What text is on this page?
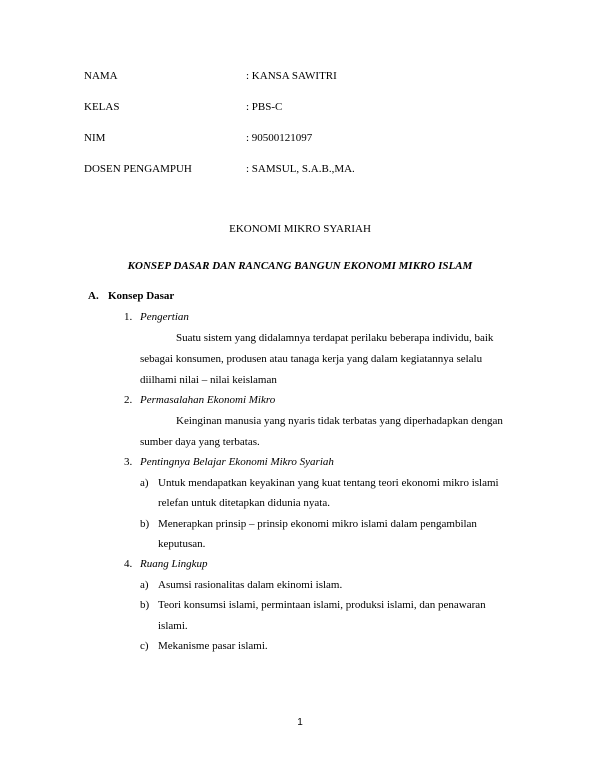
NAMA	: KANSA SAWITRI
KELAS	: PBS-C
NIM	: 90500121097
DOSEN PENGAMPUH	: SAMSUL, S.A.B.,MA.
EKONOMI MIKRO SYARIAH
KONSEP DASAR DAN RANCANG BANGUN EKONOMI MIKRO ISLAM
A. Konsep Dasar
1. Pengertian
Suatu sistem yang didalamnya terdapat perilaku beberapa individu, baik
sebagai konsumen, produsen atau tanaga kerja yang dalam kegiatannya selalu
diilhami nilai – nilai keislaman
2. Permasalahan Ekonomi Mikro
Keinginan manusia yang nyaris tidak terbatas yang diperhadapkan dengan
sumber daya yang terbatas.
3. Pentingnya Belajar Ekonomi Mikro Syariah
a) Untuk mendapatkan keyakinan yang kuat tentang teori ekonomi mikro islami
relefan untuk ditetapkan didunia nyata.
b) Menerapkan prinsip – prinsip ekonomi mikro islami dalam pengambilan
keputusan.
4. Ruang Lingkup
a) Asumsi rasionalitas dalam ekinomi islam.
b) Teori konsumsi islami, permintaan islami, produksi islami, dan penawaran
islami.
c) Mekanisme pasar islami.
1
